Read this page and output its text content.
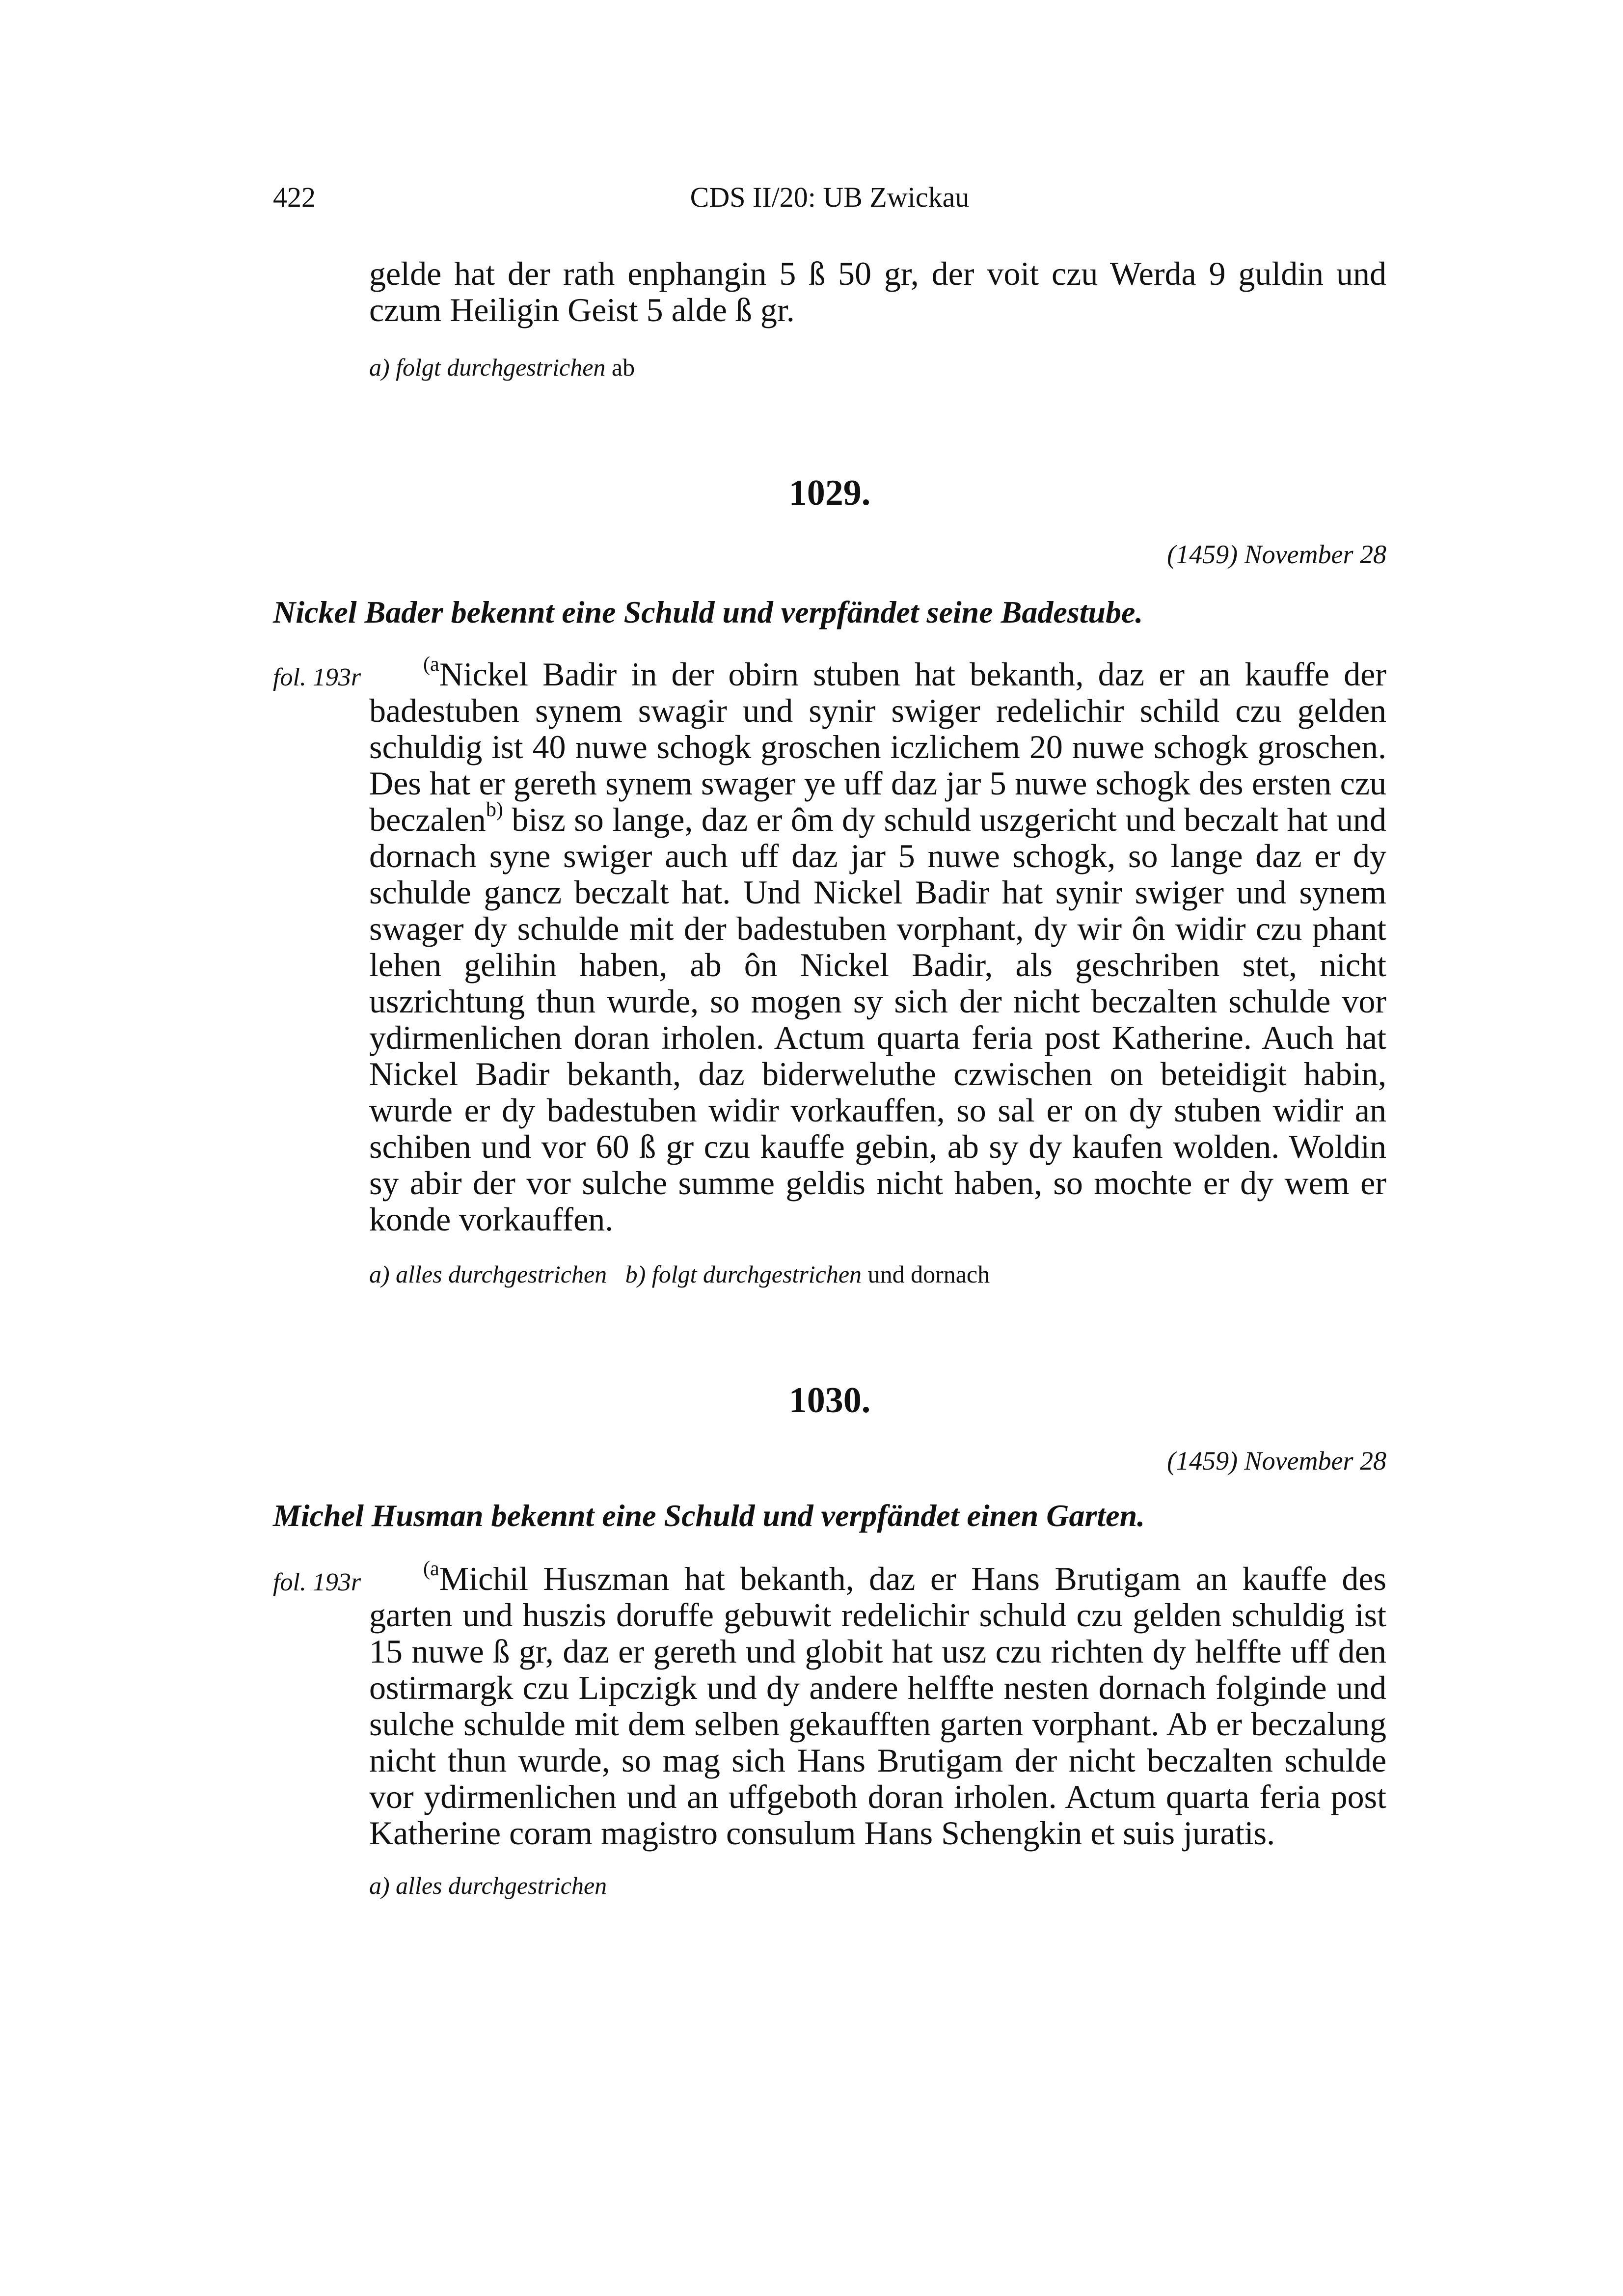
422	CDS II/20: UB Zwickau
gelde hat der rath enphangin 5 ß 50 gr, der voit czu Werda 9 guldin und czum Heiligin Geist 5 alde ß gr.
a) folgt durchgestrichen ab
1029.
(1459) November 28
Nickel Bader bekennt eine Schuld und verpfändet seine Badestube.
fol. 193r	$^{(a}$Nickel Badir in der obirn stuben hat bekanth, daz er an kauffe der badestuben synem swagir und synir swiger redelichir schild czu gelden schuldig ist 40 nuwe schogk groschen iczlichem 20 nuwe schogk groschen. Des hat er gereth synem swager ye uff daz jar 5 nuwe schogk des ersten czu beczalen$^{b)}$ bisz so lange, daz er ôm dy schuld uszgericht und beczalt hat und dornach syne swiger auch uff daz jar 5 nuwe schogk, so lange daz er dy schulde gancz beczalt hat. Und Nickel Badir hat synir swiger und synem swager dy schulde mit der badestuben vorphant, dy wir ôn widir czu phant lehen gelihin haben, ab ôn Nickel Badir, als geschriben stet, nicht uszrichtung thun wurde, so mogen sy sich der nicht beczalten schulde vor ydirmenlichen doran irholen. Actum quarta feria post Katherine. Auch hat Nickel Badir bekanth, daz biderweluthe czwischen on beteidigit habin, wurde er dy badestuben widir vorkauffen, so sal er on dy stuben widir an schiben und vor 60 ß gr czu kauffe gebin, ab sy dy kaufen wolden. Woldin sy abir der vor sulche summe geldis nicht haben, so mochte er dy wem er konde vorkauffen.
a) alles durchgestrichen b) folgt durchgestrichen und dornach
1030.
(1459) November 28
Michel Husman bekennt eine Schuld und verpfändet einen Garten.
fol. 193r	$^{(a}$Michil Huszman hat bekanth, daz er Hans Brutigam an kauffe des garten und huszis doruffe gebuwit redelichir schuld czu gelden schuldig ist 15 nuwe ß gr, daz er gereth und globit hat usz czu richten dy helffte uff den ostirmargk czu Lipczigk und dy andere helffte nesten dornach folginde und sulche schulde mit dem selben gekaufften garten vorphant. Ab er beczalung nicht thun wurde, so mag sich Hans Brutigam der nicht beczalten schulde vor ydirmenlichen und an uffgeboth doran irholen. Actum quarta feria post Katherine coram magistro consulum Hans Schengkin et suis juratis.
a) alles durchgestrichen
